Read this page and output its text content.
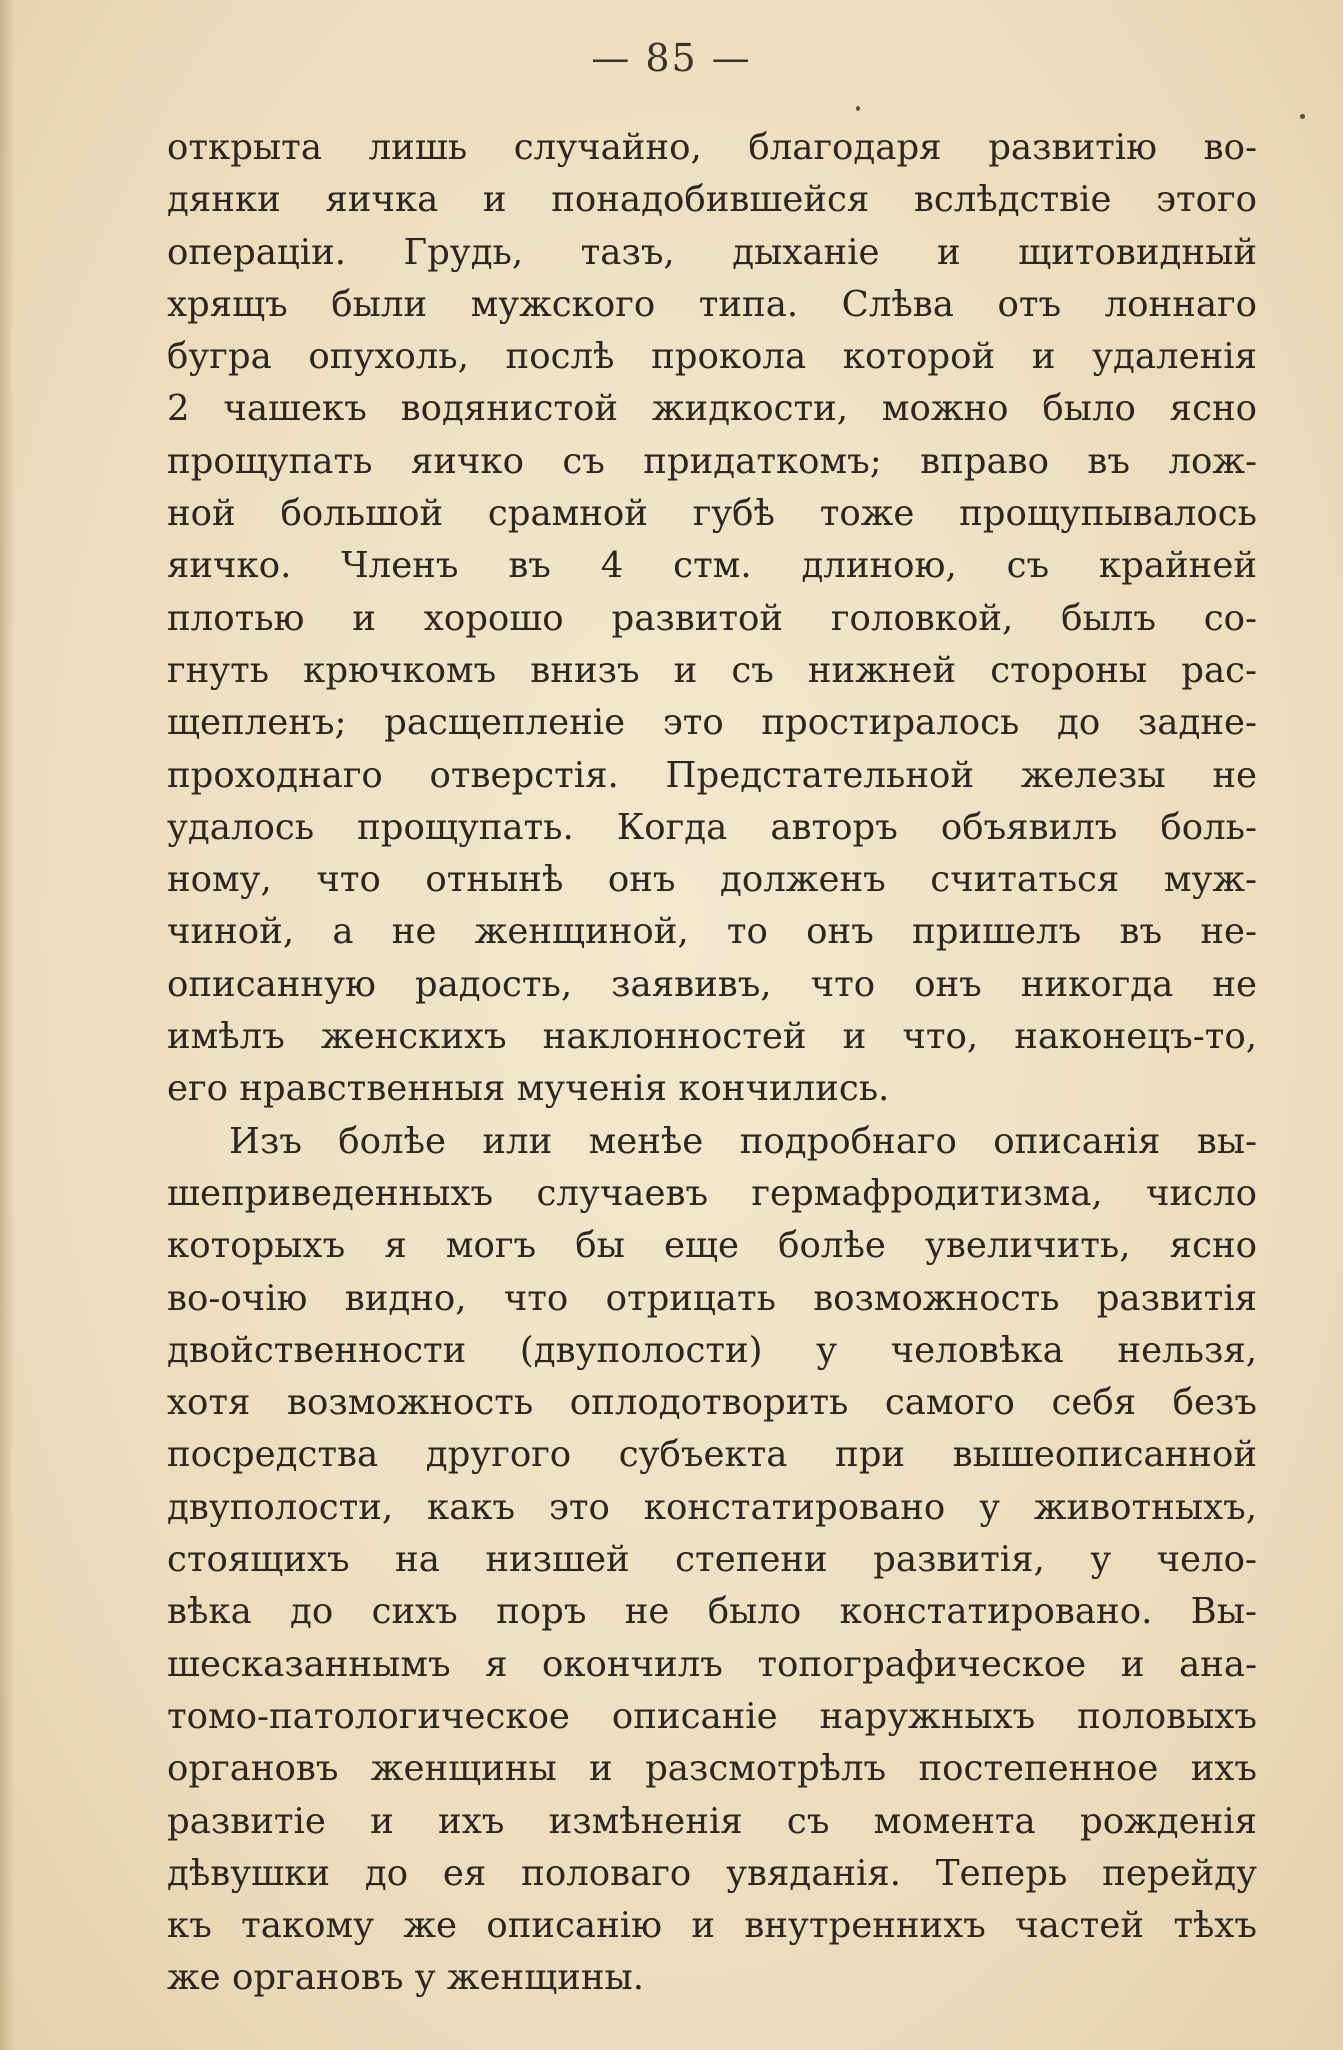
— 85 —
открыта лишь случайно, благодаря развитію во-
дянки яичка и понадобившейся вслѣдствіе этого
операціи. Грудь, тазъ, дыханіе и щитовидный
хрящъ были мужского типа. Слѣва отъ лоннаго
бугра опухоль, послѣ прокола которой и удаленія
2 чашекъ водянистой жидкости, можно было ясно
прощупать яичко съ придаткомъ; вправо въ лож-
ной большой срамной губѣ тоже прощупывалось
яичко. Членъ въ 4 стм. длиною, съ крайней
плотью и хорошо развитой головкой, былъ со-
гнуть крючкомъ внизъ и съ нижней стороны рас-
щепленъ; расщепленіе это простиралось до задне-
проходнаго отверстія. Предстательной железы не
удалось прощупать. Когда авторъ объявилъ боль-
ному, что отнынѣ онъ долженъ считаться муж-
чиной, а не женщиной, то онъ пришелъ въ не-
описанную радость, заявивъ, что онъ никогда не
имѣлъ женскихъ наклонностей и что, наконецъ-то,
его нравственныя мученія кончились.
Изъ болѣе или менѣе подробнаго описанія вы-
шеприведенныхъ случаевъ гермафродитизма, число
которыхъ я могъ бы еще болѣе увеличить, ясно
во-очію видно, что отрицать возможность развитія
двойственности (двуполости) у человѣка нельзя,
хотя возможность оплодотворить самого себя безъ
посредства другого субъекта при вышеописанной
двуполости, какъ это констатировано у животныхъ,
стоящихъ на низшей степени развитія, у чело-
вѣка до сихъ поръ не было констатировано. Вы-
шесказаннымъ я окончилъ топографическое и ана-
томо-патологическое описаніе наружныхъ половыхъ
органовъ женщины и разсмотрѣлъ постепенное ихъ
развитіе и ихъ измѣненія съ момента рожденія
дѣвушки до ея половаго увяданія. Теперь перейду
къ такому же описанію и внутреннихъ частей тѣхъ
же органовъ у женщины.
